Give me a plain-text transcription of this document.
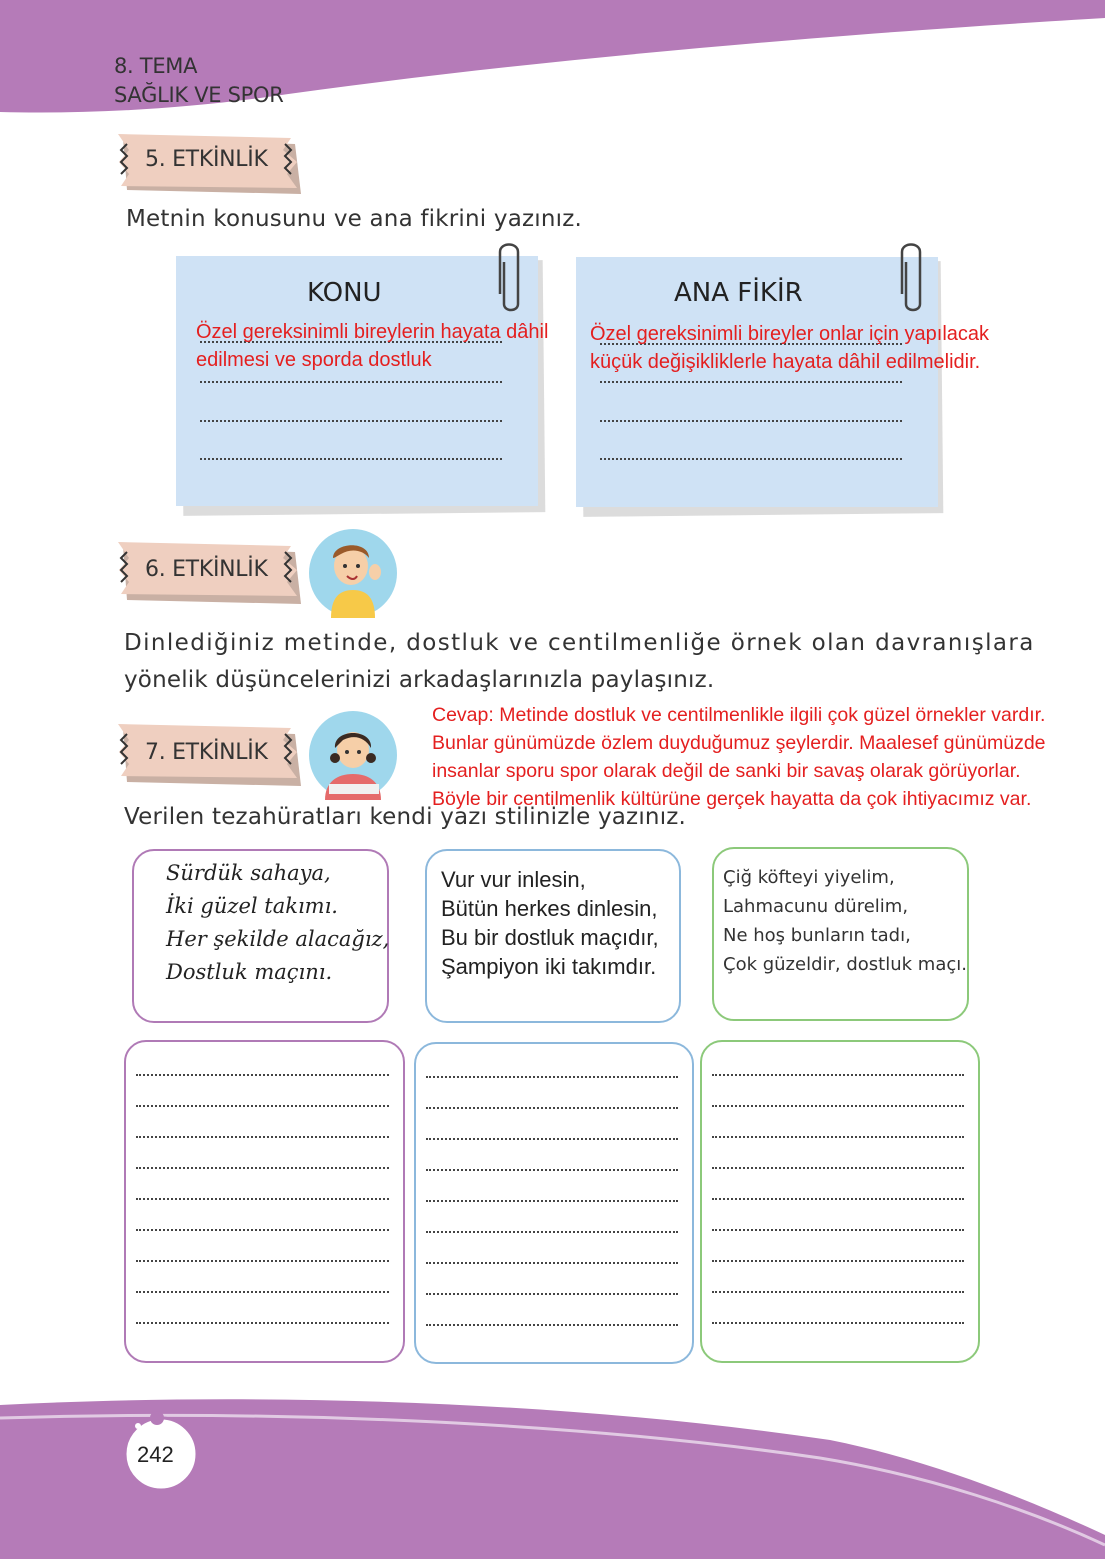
8. TEMA
SAĞLIK VE SPOR
5. ETKİNLİK
Metnin konusunu ve ana fikrini yazınız.
KONU
Özel gereksinimli bireylerin hayata dâhil
edilmesi ve sporda dostluk
ANA FİKİR
Özel gereksinimli bireyler onlar için yapılacak
küçük değişikliklerle hayata dâhil edilmelidir.
6. ETKİNLİK
Dinlediğiniz metinde, dostluk ve centilmenliğe örnek olan davranışlara
yönelik düşüncelerinizi arkadaşlarınızla paylaşınız.
Cevap: Metinde dostluk ve centilmenlikle ilgili çok güzel örnekler vardır.
Bunlar günümüzde özlem duyduğumuz şeylerdir. Maalesef günümüzde
insanlar sporu spor olarak değil de sanki bir savaş olarak görüyorlar.
Böyle bir centilmenlik kültürüne gerçek hayatta da çok ihtiyacımız var.
7. ETKİNLİK
Verilen tezahüratları kendi yazı stilinizle yazınız.
Sürdük sahaya,
İki güzel takımı.
Her şekilde alacağız,
Dostluk maçını.
Vur vur inlesin,
Bütün herkes dinlesin,
Bu bir dostluk maçıdır,
Şampiyon iki takımdır.
Çiğ köfteyi yiyelim,
Lahmacunu dürelim,
Ne hoş bunların tadı,
Çok güzeldir, dostluk maçı.
242
